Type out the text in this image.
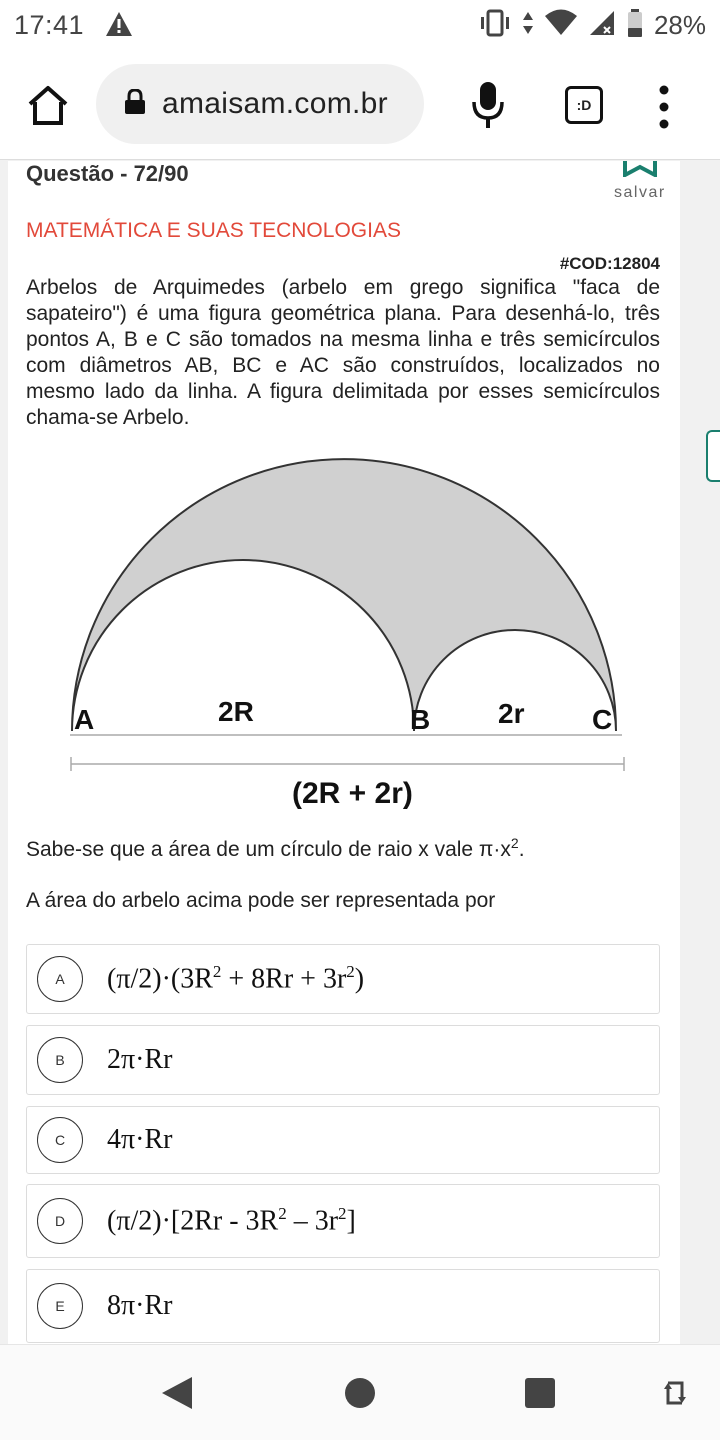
17:41	28%
amaisam.com.br	:D
Questão - 72/90
salvar
MATEMÁTICA E SUAS TECNOLOGIAS
#COD:12804

Arbelos de Arquimedes (arbelo em grego significa "faca de sapateiro") é uma figura geométrica plana. Para desenhá-lo, três pontos A, B e C são tomados na mesma linha e três semicírculos com diâmetros AB, BC e AC são construídos, localizados no mesmo lado da linha. A figura delimitada por esses semicírculos chama-se Arbelo.

A	2R	B 2r C
(2R + 2r)
Sabe-se que a área de um círculo de raio x vale $\pi\cdot x^2$.
A área do arbelo acima pode ser representada por
A	$(\pi/2)\cdot(3R^2 + 8Rr + 3r^2)$
B	2π·Rr
C	4π·Rr
D	$(\pi/2)\cdot[2Rr - 3R^2 - 3r^2]$
E	8π·Rr
